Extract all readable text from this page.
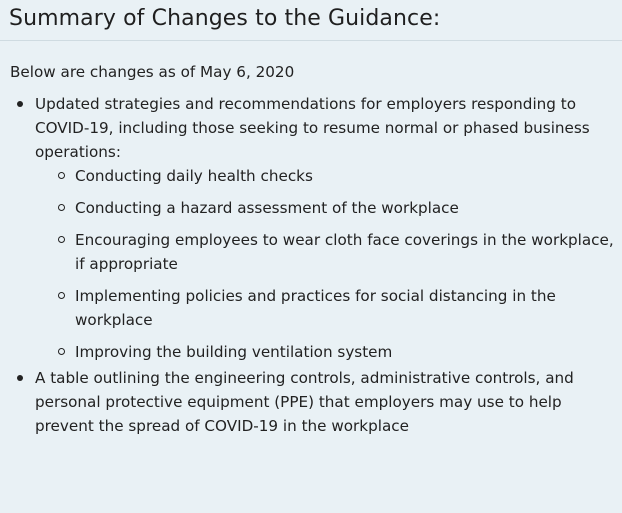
Summary of Changes to the Guidance:

Below are changes as of May 6, 2020

Updated strategies and recommendations for employers responding to COVID-19, including those seeking to resume normal or phased business operations:
Conducting daily health checks
Conducting a hazard assessment of the workplace
Encouraging employees to wear cloth face coverings in the workplace, if appropriate
Implementing policies and practices for social distancing in the workplace
Improving the building ventilation system
A table outlining the engineering controls, administrative controls, and personal protective equipment (PPE) that employers may use to help prevent the spread of COVID-19 in the workplace
